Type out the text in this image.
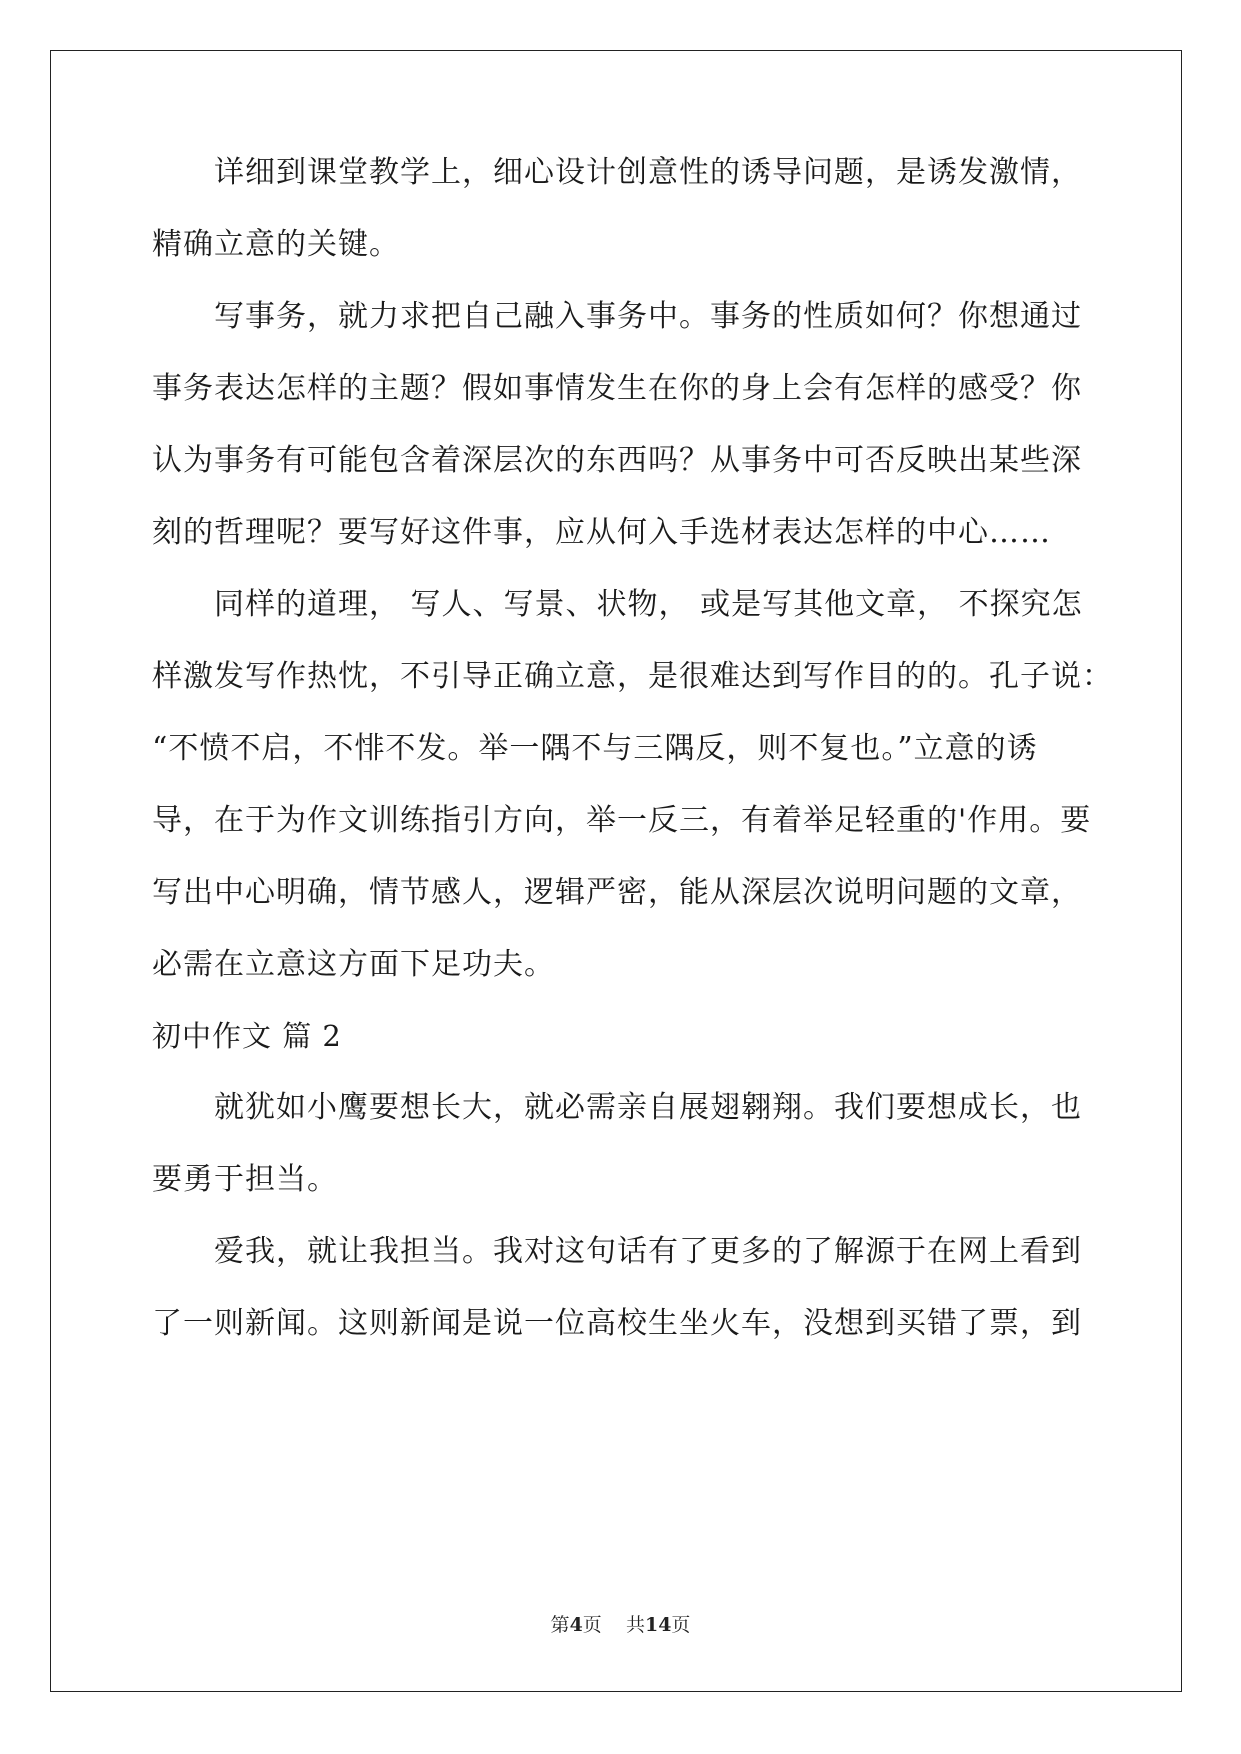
详细到课堂教学上，细心设计创意性的诱导问题，是诱发激情，

精确立意的关键。

写事务，就力求把自己融入事务中。事务的性质如何？你想通过

事务表达怎样的主题？假如事情发生在你的身上会有怎样的感受？你

认为事务有可能包含着深层次的东西吗？从事务中可否反映出某些深

刻的哲理呢？要写好这件事，应从何入手选材表达怎样的中心……

同样的道理， 写人、写景、状物， 或是写其他文章， 不探究怎

样激发写作热忱，不引导正确立意，是很难达到写作目的的。孔子说：

“不愤不启，不悱不发。举一隅不与三隅反，则不复也。”立意的诱

导，在于为作文训练指引方向，举一反三，有着举足轻重的'作用。要

写出中心明确，情节感人，逻辑严密，能从深层次说明问题的文章，

必需在立意这方面下足功夫。

初中作文 篇 2

就犹如小鹰要想长大，就必需亲自展翅翱翔。我们要想成长，也

要勇于担当。

爱我，就让我担当。我对这句话有了更多的了解源于在网上看到

了一则新闻。这则新闻是说一位高校生坐火车，没想到买错了票，到

第4页    共14页
